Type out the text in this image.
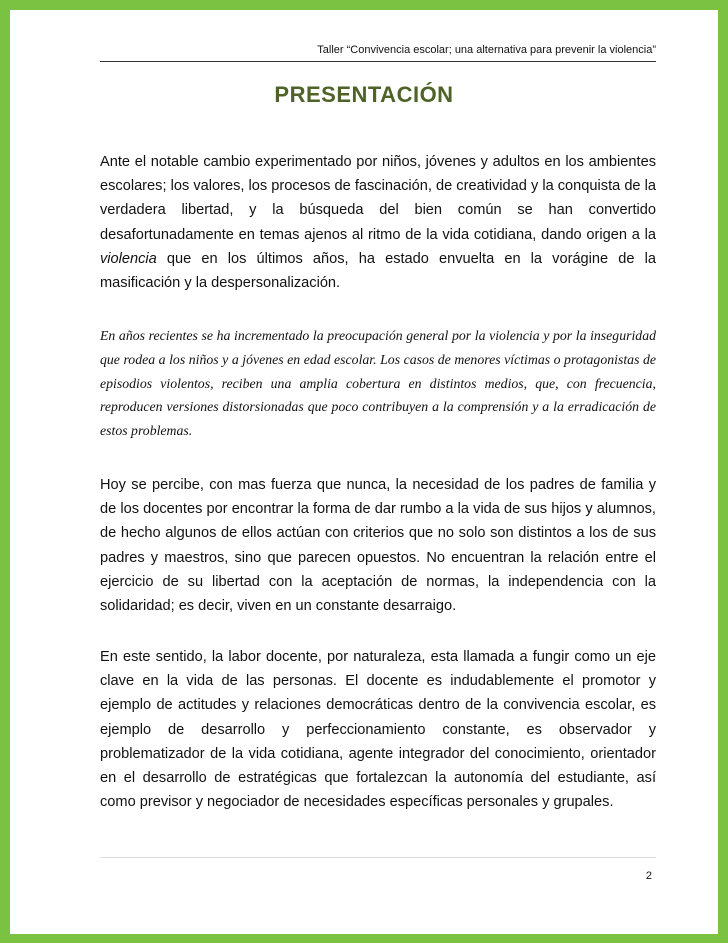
Taller “Convivencia escolar; una alternativa para prevenir la violencia”
PRESENTACIÓN

Ante el notable cambio experimentado por niños, jóvenes y adultos en los ambientes escolares; los valores, los procesos de fascinación, de creatividad y la conquista de la verdadera libertad, y la búsqueda del bien común se han convertido desafortunadamente en temas ajenos al ritmo de la vida cotidiana, dando origen a la violencia que en los últimos años, ha estado envuelta en la vorágine de la masificación y la despersonalización.

En años recientes se ha incrementado la preocupación general por la violencia y por la inseguridad que rodea a los niños y a jóvenes en edad escolar. Los casos de menores víctimas o protagonistas de episodios violentos, reciben una amplia cobertura en distintos medios, que, con frecuencia, reproducen versiones distorsionadas que poco contribuyen a la comprensión y a la erradicación de estos problemas.

Hoy se percibe, con mas fuerza que nunca, la necesidad de los padres de familia y de los docentes por encontrar la forma de dar rumbo a la vida de sus hijos y alumnos, de hecho algunos de ellos actúan con criterios que no solo son distintos a los de sus padres y maestros, sino que parecen opuestos. No encuentran la relación entre el ejercicio de su libertad con la aceptación de normas, la independencia con la solidaridad; es decir, viven en un constante desarraigo.

En este sentido, la labor docente, por naturaleza, esta llamada a fungir como un eje clave en la vida de las personas. El docente es indudablemente el promotor y ejemplo de actitudes y relaciones democráticas dentro de la convivencia escolar, es ejemplo de desarrollo y perfeccionamiento constante, es observador y problematizador de la vida cotidiana, agente integrador del conocimiento, orientador en el desarrollo de estratégicas que fortalezcan la autonomía del estudiante, así como previsor y negociador de necesidades específicas personales y grupales.

2
